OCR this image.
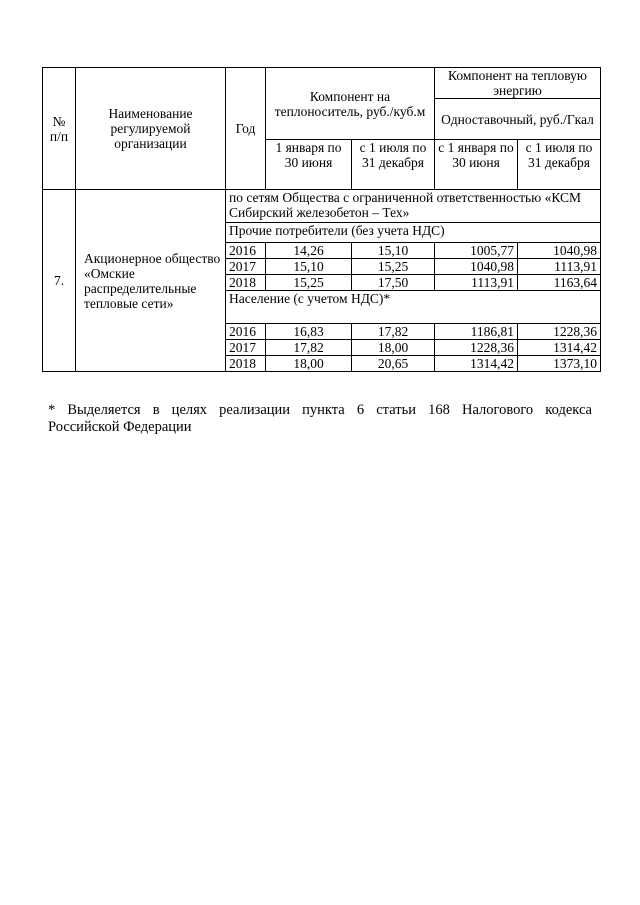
№ п/п	Наименование регулируемой организации	Год	Компонент на теплоноситель, руб./куб.м		Компонент на тепловую энергию	
					Одноставочный, руб./Гкал	
			1 января по 30 июня	с 1 июля по 31 декабря	с 1 января по 30 июня	с 1 июля по 31 декабря
7.	Акционерное общество «Омские распределительные тепловые сети»	по сетям Общества с ограниченной ответственностью «КСМ Сибирский железобетон – Тех»				
		Прочие потребители (без учета НДС)				
		2016	14,26	15,10	1005,77	1040,98
		2017	15,10	15,25	1040,98	1113,91
		2018	15,25	17,50	1113,91	1163,64
		Население (с учетом НДС)*				
		2016	16,83	17,82	1186,81	1228,36
		2017	17,82	18,00	1228,36	1314,42
		2018	18,00	20,65	1314,42	1373,10
* Выделяется в целях реализации пункта 6 статьи 168 Налогового кодекса
Российской Федерации
